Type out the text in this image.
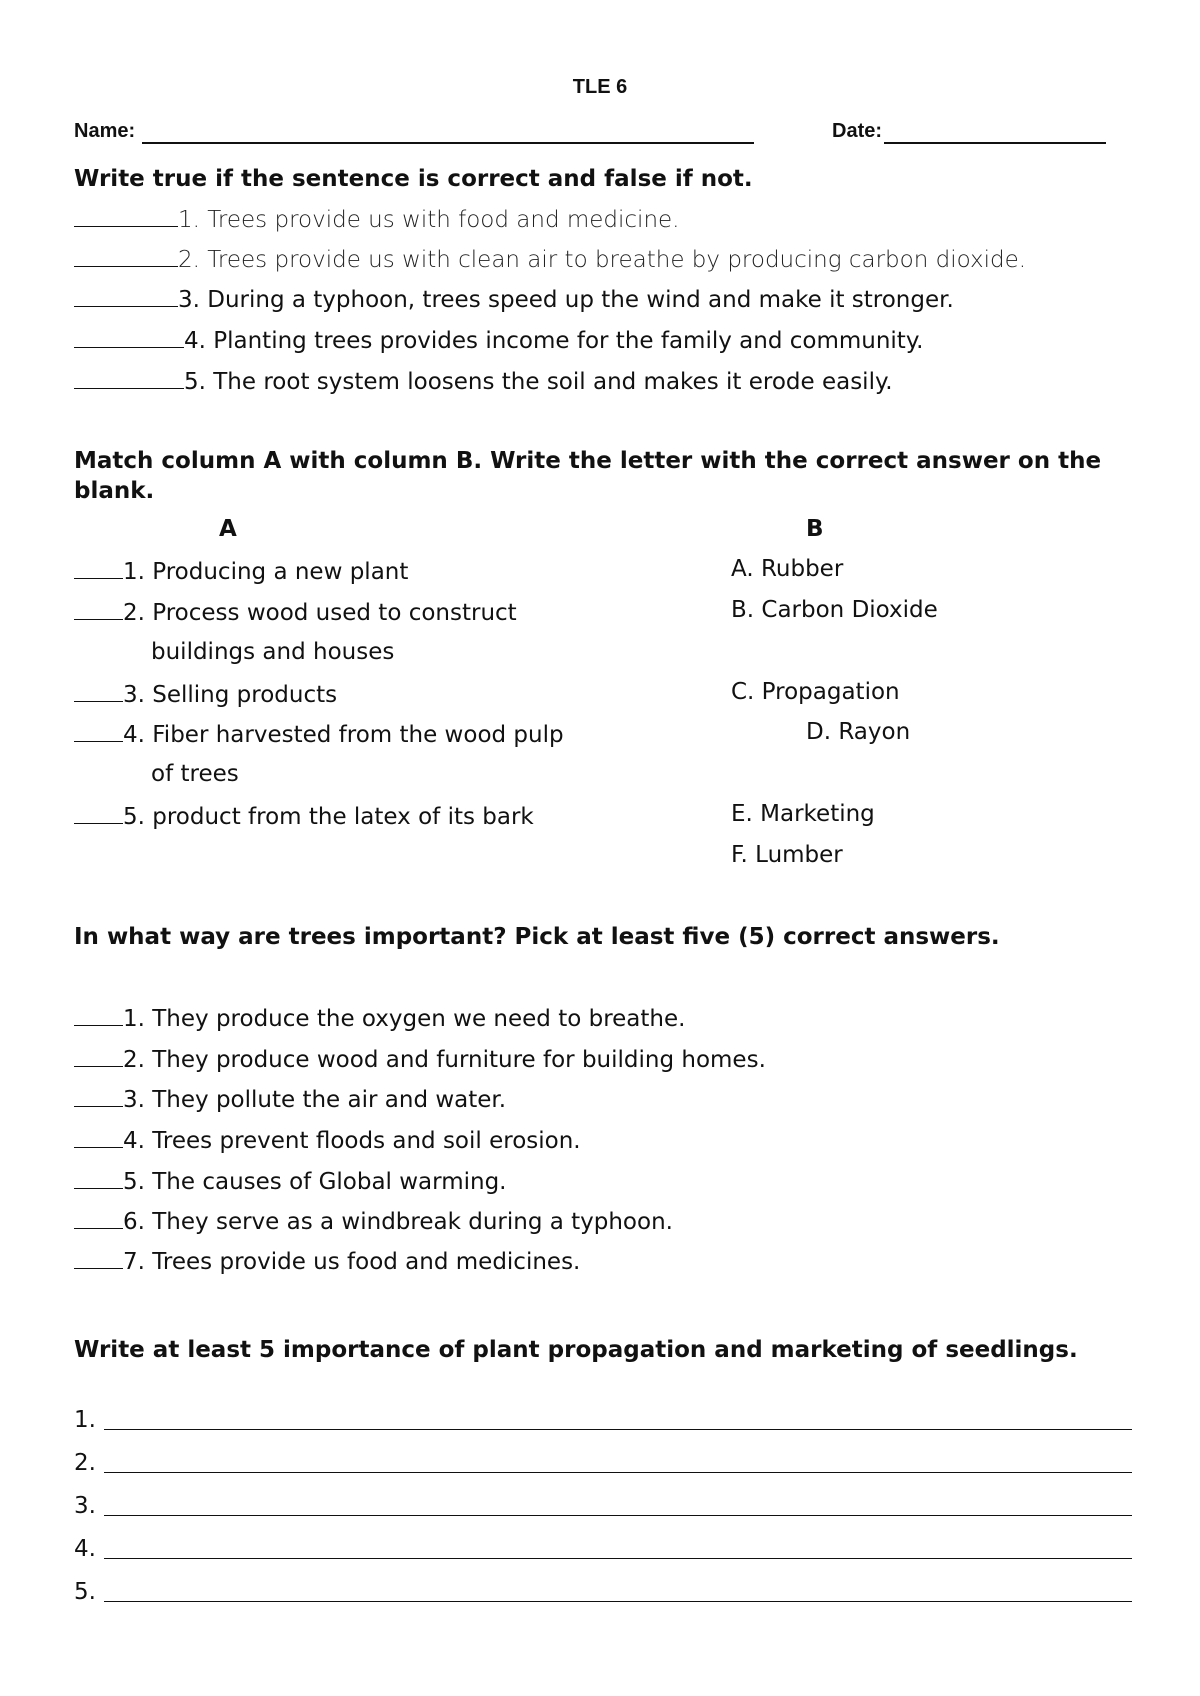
TLE 6
Name:	Date:
Write true if the sentence is correct and false if not.
1. Trees provide us with food and medicine.
2. Trees provide us with clean air to breathe by producing carbon dioxide.
3. During a typhoon, trees speed up the wind and make it stronger.
4. Planting trees provides income for the family and community.
5. The root system loosens the soil and makes it erode easily.
Match column A with column B. Write the letter with the correct answer on the blank.
A	B
1. Producing a new plant
2. Process wood used to construct
buildings and houses
3. Selling products
4. Fiber harvested from the wood pulp
of trees
5. product from the latex of its bark
A. Rubber
B. Carbon Dioxide
C. Propagation
D. Rayon
E. Marketing
F. Lumber
In what way are trees important? Pick at least five (5) correct answers.
1. They produce the oxygen we need to breathe.
2. They produce wood and furniture for building homes.
3. They pollute the air and water.
4. Trees prevent floods and soil erosion.
5. The causes of Global warming.
6. They serve as a windbreak during a typhoon.
7. Trees provide us food and medicines.
Write at least 5 importance of plant propagation and marketing of seedlings.
1.
2.
3.
4.
5.
